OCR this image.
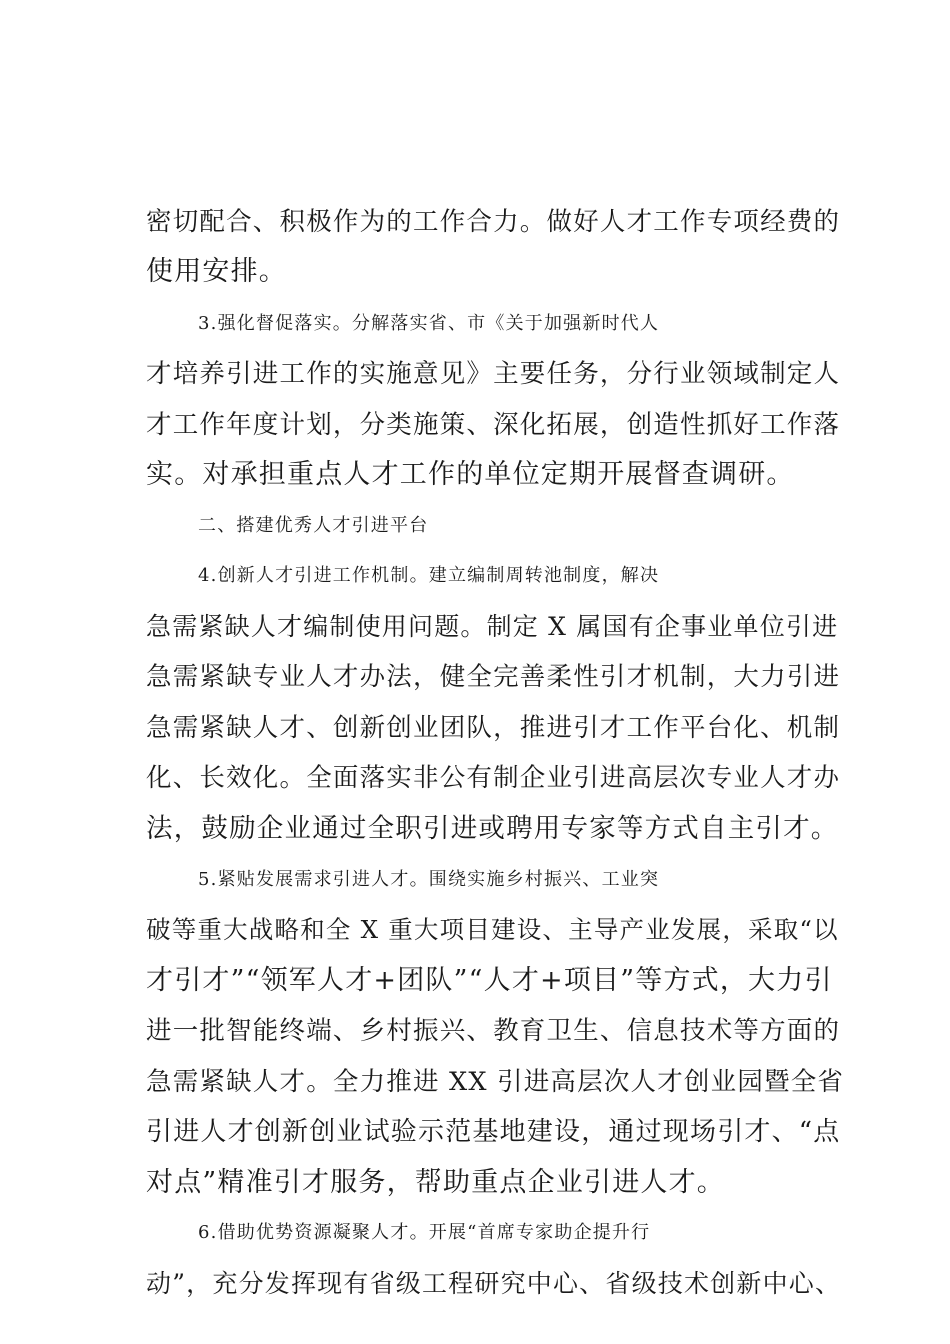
密切配合、积极作为的工作合力。做好人才工作专项经费的
使用安排。
3.强化督促落实。分解落实省、市《关于加强新时代人
才培养引进工作的实施意见》主要任务，分行业领域制定人
才工作年度计划，分类施策、深化拓展，创造性抓好工作落
实。对承担重点人才工作的单位定期开展督查调研。
二、搭建优秀人才引进平台
4.创新人才引进工作机制。建立编制周转池制度，解决
急需紧缺人才编制使用问题。制定 X 属国有企事业单位引进
急需紧缺专业人才办法，健全完善柔性引才机制，大力引进
急需紧缺人才、创新创业团队，推进引才工作平台化、机制
化、长效化。全面落实非公有制企业引进高层次专业人才办
法，鼓励企业通过全职引进或聘用专家等方式自主引才。
5.紧贴发展需求引进人才。围绕实施乡村振兴、工业突
破等重大战略和全 X 重大项目建设、主导产业发展，采取“以
才引才”“领军人才+团队”“人才+项目”等方式，大力引
进一批智能终端、乡村振兴、教育卫生、信息技术等方面的
急需紧缺人才。全力推进 XX 引进高层次人才创业园暨全省
引进人才创新创业试验示范基地建设，通过现场引才、“点
对点”精准引才服务，帮助重点企业引进人才。
6.借助优势资源凝聚人才。开展“首席专家助企提升行
动”，充分发挥现有省级工程研究中心、省级技术创新中心、
